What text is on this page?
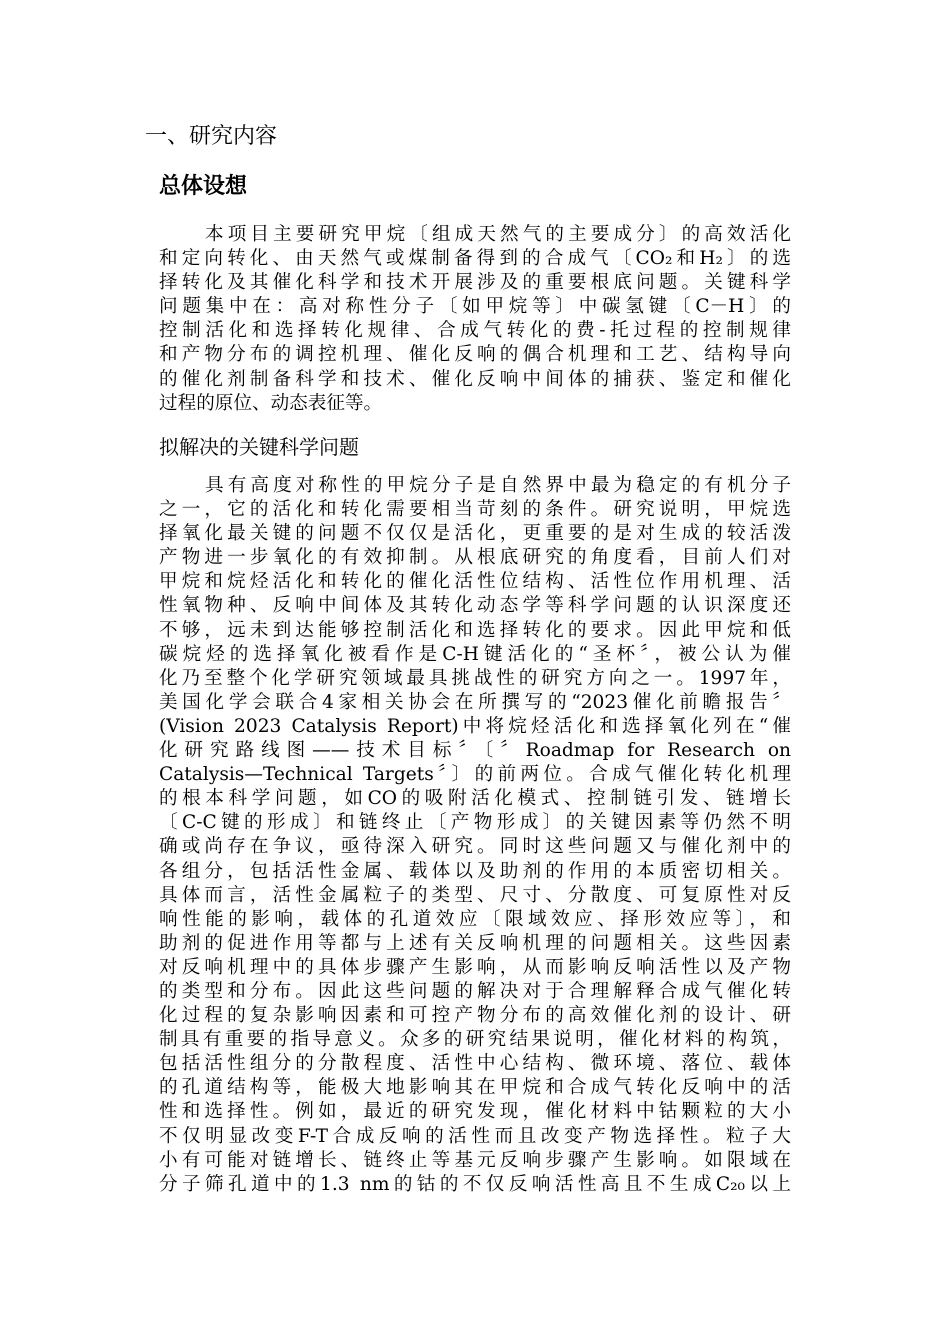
一、研究内容
总体设想
本项目主要研究甲烷〔组成天然气的主要成分〕的高效活化
和定向转化、由天然气或煤制备得到的合成气〔CO₂和H₂〕的选
择转化及其催化科学和技术开展涉及的重要根底问题。关键科学
问题集中在：高对称性分子〔如甲烷等〕中碳氢键〔C－H〕的
控制活化和选择转化规律、合成气转化的费-托过程的控制规律
和产物分布的调控机理、催化反响的偶合机理和工艺、结构导向
的催化剂制备科学和技术、催化反响中间体的捕获、鉴定和催化
过程的原位、动态表征等。
拟解决的关键科学问题
具有高度对称性的甲烷分子是自然界中最为稳定的有机分子
之一，它的活化和转化需要相当苛刻的条件。研究说明，甲烷选
择氧化最关键的问题不仅仅是活化，更重要的是对生成的较活泼
产物进一步氧化的有效抑制。从根底研究的角度看，目前人们对
甲烷和烷烃活化和转化的催化活性位结构、活性位作用机理、活
性氧物种、反响中间体及其转化动态学等科学问题的认识深度还
不够，远未到达能够控制活化和选择转化的要求。因此甲烷和低
碳烷烃的选择氧化被看作是C-H键活化的“圣杯〞，被公认为催
化乃至整个化学研究领域最具挑战性的研究方向之一。1997年，
美国化学会联合4家相关协会在所撰写的“2023催化前瞻报告〞
(Vision 2023 Catalysis Report)中将烷烃活化和选择氧化列在“催
化研究路线图——技术目标〞〔〞Roadmap for Research on
Catalysis—Technical Targets〞〕的前两位。合成气催化转化机理
的根本科学问题，如CO的吸附活化模式、控制链引发、链增长
〔C-C键的形成〕和链终止〔产物形成〕的关键因素等仍然不明
确或尚存在争议，亟待深入研究。同时这些问题又与催化剂中的
各组分，包括活性金属、载体以及助剂的作用的本质密切相关。
具体而言，活性金属粒子的类型、尺寸、分散度、可复原性对反
响性能的影响，载体的孔道效应〔限域效应、择形效应等〕，和
助剂的促进作用等都与上述有关反响机理的问题相关。这些因素
对反响机理中的具体步骤产生影响，从而影响反响活性以及产物
的类型和分布。因此这些问题的解决对于合理解释合成气催化转
化过程的复杂影响因素和可控产物分布的高效催化剂的设计、研
制具有重要的指导意义。众多的研究结果说明，催化材料的构筑，
包括活性组分的分散程度、活性中心结构、微环境、落位、载体
的孔道结构等，能极大地影响其在甲烷和合成气转化反响中的活
性和选择性。例如，最近的研究发现，催化材料中钴颗粒的大小
不仅明显改变F-T合成反响的活性而且改变产物选择性。粒子大
小有可能对链增长、链终止等基元反响步骤产生影响。如限域在
分子筛孔道中的1.3 nm的钴的不仅反响活性高且不生成C₂₀以上
